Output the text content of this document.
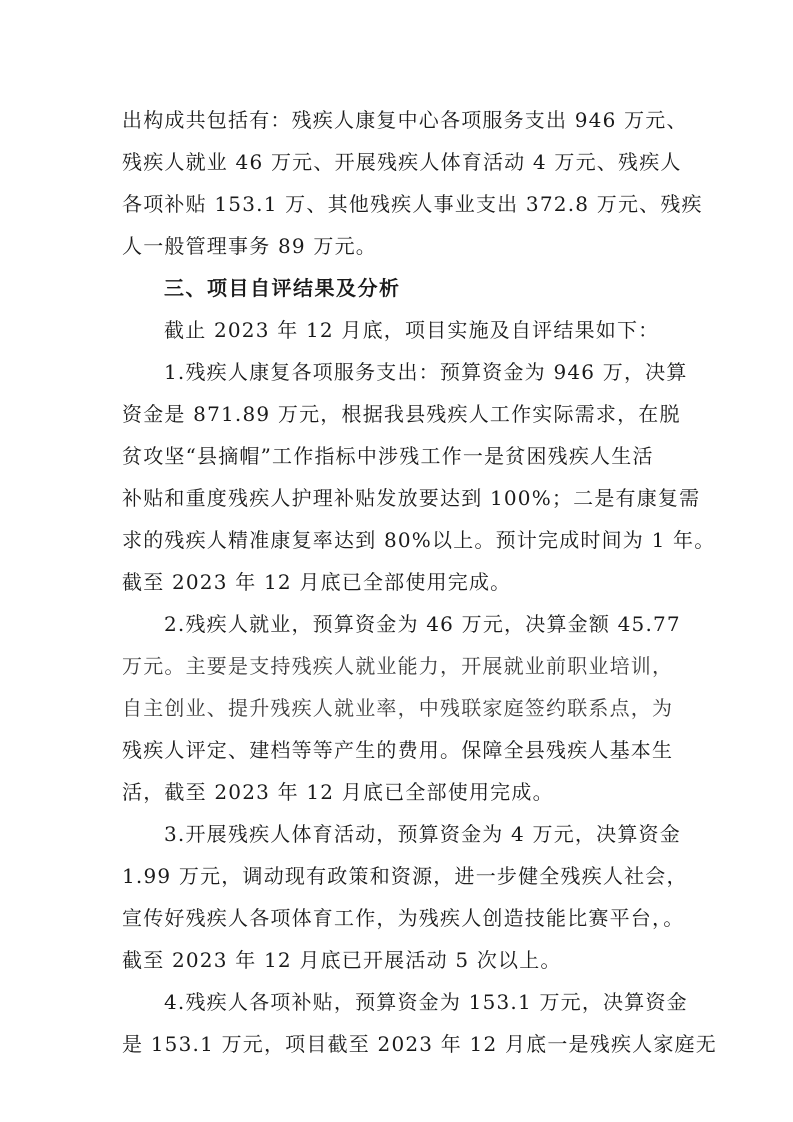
出构成共包括有：残疾人康复中心各项服务支出 946 万元、
残疾人就业 46 万元、开展残疾人体育活动 4 万元、残疾人
各项补贴 153.1 万、其他残疾人事业支出 372.8 万元、残疾
人一般管理事务 89 万元。
三、项目自评结果及分析
截止 2023 年 12 月底，项目实施及自评结果如下：
1.残疾人康复各项服务支出：预算资金为 946 万，决算
资金是 871.89 万元，根据我县残疾人工作实际需求，在脱
贫攻坚“县摘帽”工作指标中涉残工作一是贫困残疾人生活
补贴和重度残疾人护理补贴发放要达到 100%；二是有康复需
求的残疾人精准康复率达到 80%以上。预计完成时间为 1 年。
截至 2023 年 12 月底已全部使用完成。
2.残疾人就业，预算资金为 46 万元，决算金额 45.77
万元。主要是支持残疾人就业能力，开展就业前职业培训，
自主创业、提升残疾人就业率，中残联家庭签约联系点，为
残疾人评定、建档等等产生的费用。保障全县残疾人基本生
活，截至 2023 年 12 月底已全部使用完成。
3.开展残疾人体育活动，预算资金为 4 万元，决算资金
1.99 万元，调动现有政策和资源，进一步健全残疾人社会，
宣传好残疾人各项体育工作，为残疾人创造技能比赛平台，。
截至 2023 年 12 月底已开展活动 5 次以上。
4.残疾人各项补贴，预算资金为 153.1 万元，决算资金
是 153.1 万元，项目截至 2023 年 12 月底一是残疾人家庭无
